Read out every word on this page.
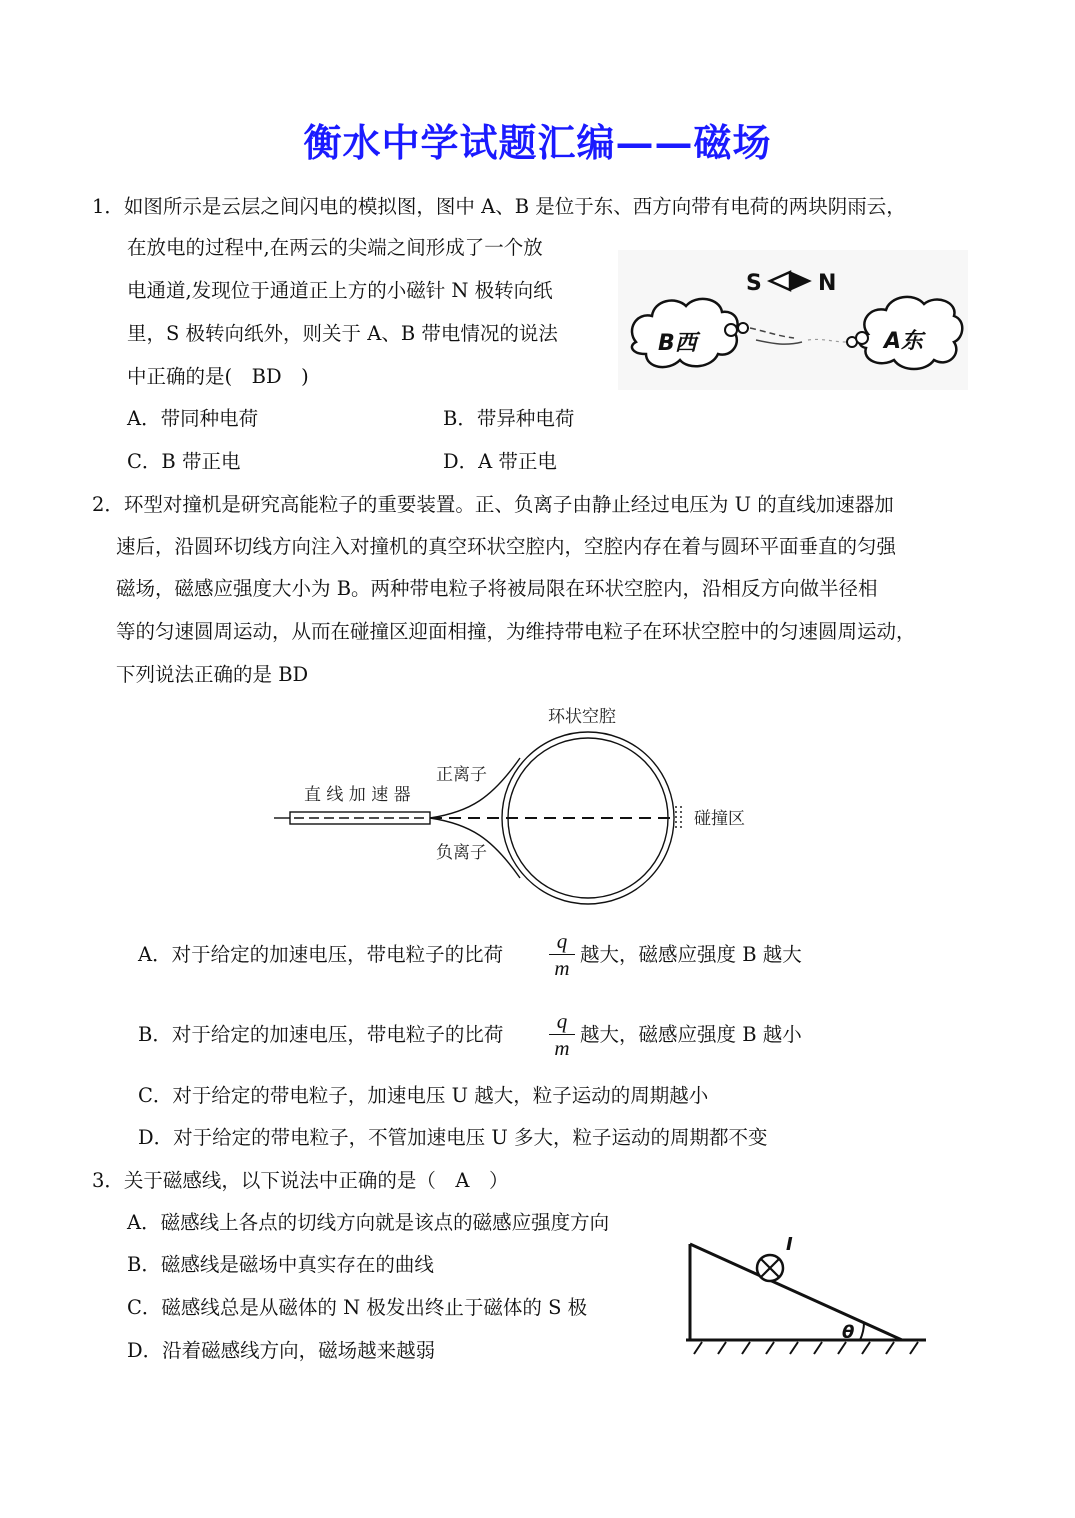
衡水中学试题汇编——磁场
1．如图所示是云层之间闪电的模拟图，图中 A、B 是位于东、西方向带有电荷的两块阴雨云，
在放电的过程中,在两云的尖端之间形成了一个放
电通道,发现位于通道正上方的小磁针 N 极转向纸
里，S 极转向纸外，则关于 A、B 带电情况的说法
中正确的是(　BD　)
A．带同种电荷	B．带异种电荷
C．B 带正电	D．A 带正电
S	N
B西	A东
2．环型对撞机是研究高能粒子的重要装置。正、负离子由静止经过电压为 U 的直线加速器加
速后，沿圆环切线方向注入对撞机的真空环状空腔内，空腔内存在着与圆环平面垂直的匀强
磁场，磁感应强度大小为 B。两种带电粒子将被局限在环状空腔内，沿相反方向做半径相
等的匀速圆周运动，从而在碰撞区迎面相撞，为维持带电粒子在环状空腔中的匀速圆周运动，
下列说法正确的是 BD
环状空腔
直 线 加 速 器
碰撞区
正离子
负离子
A．对于给定的加速电压，带电粒子的比荷
q
m
越大，磁感应强度 B 越大
B．对于给定的加速电压，带电粒子的比荷
q
m
越大，磁感应强度 B 越小
C．对于给定的带电粒子，加速电压 U 越大，粒子运动的周期越小
D．对于给定的带电粒子，不管加速电压 U 多大，粒子运动的周期都不变
3．关于磁感线，以下说法中正确的是（　A　）
A．磁感线上各点的切线方向就是该点的磁感应强度方向
B．磁感线是磁场中真实存在的曲线
C．磁感线总是从磁体的 N 极发出终止于磁体的 S 极
D．沿着磁感线方向，磁场越来越弱
I
θ
